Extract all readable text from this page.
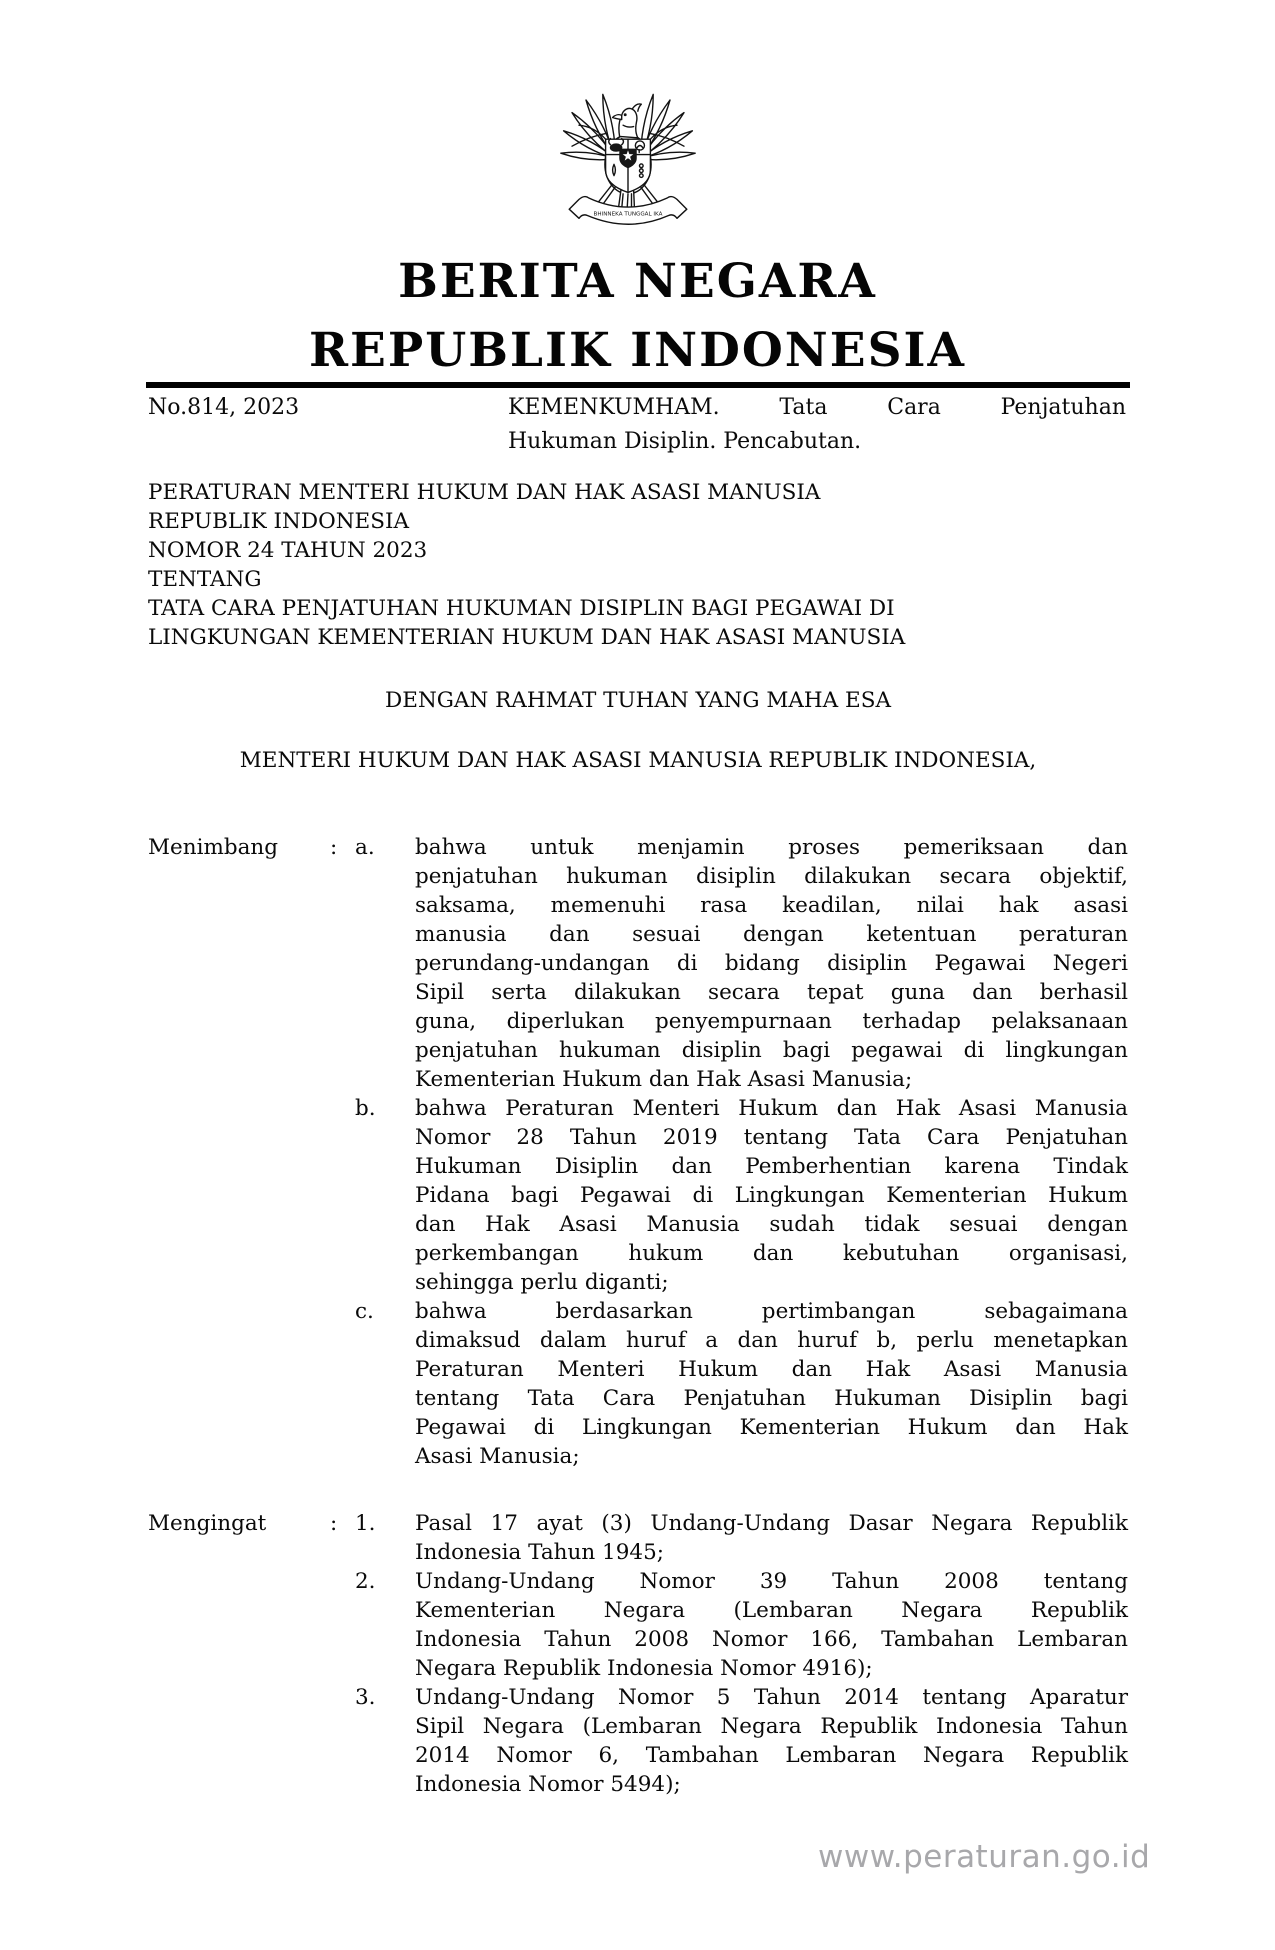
BHINNEKA TUNGGAL IKA
BERITA NEGARA
REPUBLIK INDONESIA
No.814, 2023	KEMENKUMHAM. Tata Cara Penjatuhan
Hukuman Disiplin. Pencabutan.
PERATURAN MENTERI HUKUM DAN HAK ASASI MANUSIA
REPUBLIK INDONESIA
NOMOR 24 TAHUN 2023
TENTANG
TATA CARA PENJATUHAN HUKUMAN DISIPLIN BAGI PEGAWAI DI
LINGKUNGAN KEMENTERIAN HUKUM DAN HAK ASASI MANUSIA
DENGAN RAHMAT TUHAN YANG MAHA ESA
MENTERI HUKUM DAN HAK ASASI MANUSIA REPUBLIK INDONESIA,
Menimbang : a. bahwa untuk menjamin proses pemeriksaan dan
penjatuhan hukuman disiplin dilakukan secara objektif,
saksama, memenuhi rasa keadilan, nilai hak asasi
manusia dan sesuai dengan ketentuan peraturan
perundang-undangan di bidang disiplin Pegawai Negeri
Sipil serta dilakukan secara tepat guna dan berhasil
guna, diperlukan penyempurnaan terhadap pelaksanaan
penjatuhan hukuman disiplin bagi pegawai di lingkungan
Kementerian Hukum dan Hak Asasi Manusia;
b. bahwa Peraturan Menteri Hukum dan Hak Asasi Manusia
Nomor 28 Tahun 2019 tentang Tata Cara Penjatuhan
Hukuman Disiplin dan Pemberhentian karena Tindak
Pidana bagi Pegawai di Lingkungan Kementerian Hukum
dan Hak Asasi Manusia sudah tidak sesuai dengan
perkembangan hukum dan kebutuhan organisasi,
sehingga perlu diganti;
c. bahwa berdasarkan pertimbangan sebagaimana
dimaksud dalam huruf a dan huruf b, perlu menetapkan
Peraturan Menteri Hukum dan Hak Asasi Manusia
tentang Tata Cara Penjatuhan Hukuman Disiplin bagi
Pegawai di Lingkungan Kementerian Hukum dan Hak
Asasi Manusia;
Mengingat	: 1. Pasal 17 ayat (3) Undang-Undang Dasar Negara Republik
Indonesia Tahun 1945;
2. Undang-Undang Nomor 39 Tahun 2008 tentang
Kementerian Negara (Lembaran Negara Republik
Indonesia Tahun 2008 Nomor 166, Tambahan Lembaran
Negara Republik Indonesia Nomor 4916);
3. Undang-Undang Nomor 5 Tahun 2014 tentang Aparatur
Sipil Negara (Lembaran Negara Republik Indonesia Tahun
2014 Nomor 6, Tambahan Lembaran Negara Republik
Indonesia Nomor 5494);
www.peraturan.go.id
